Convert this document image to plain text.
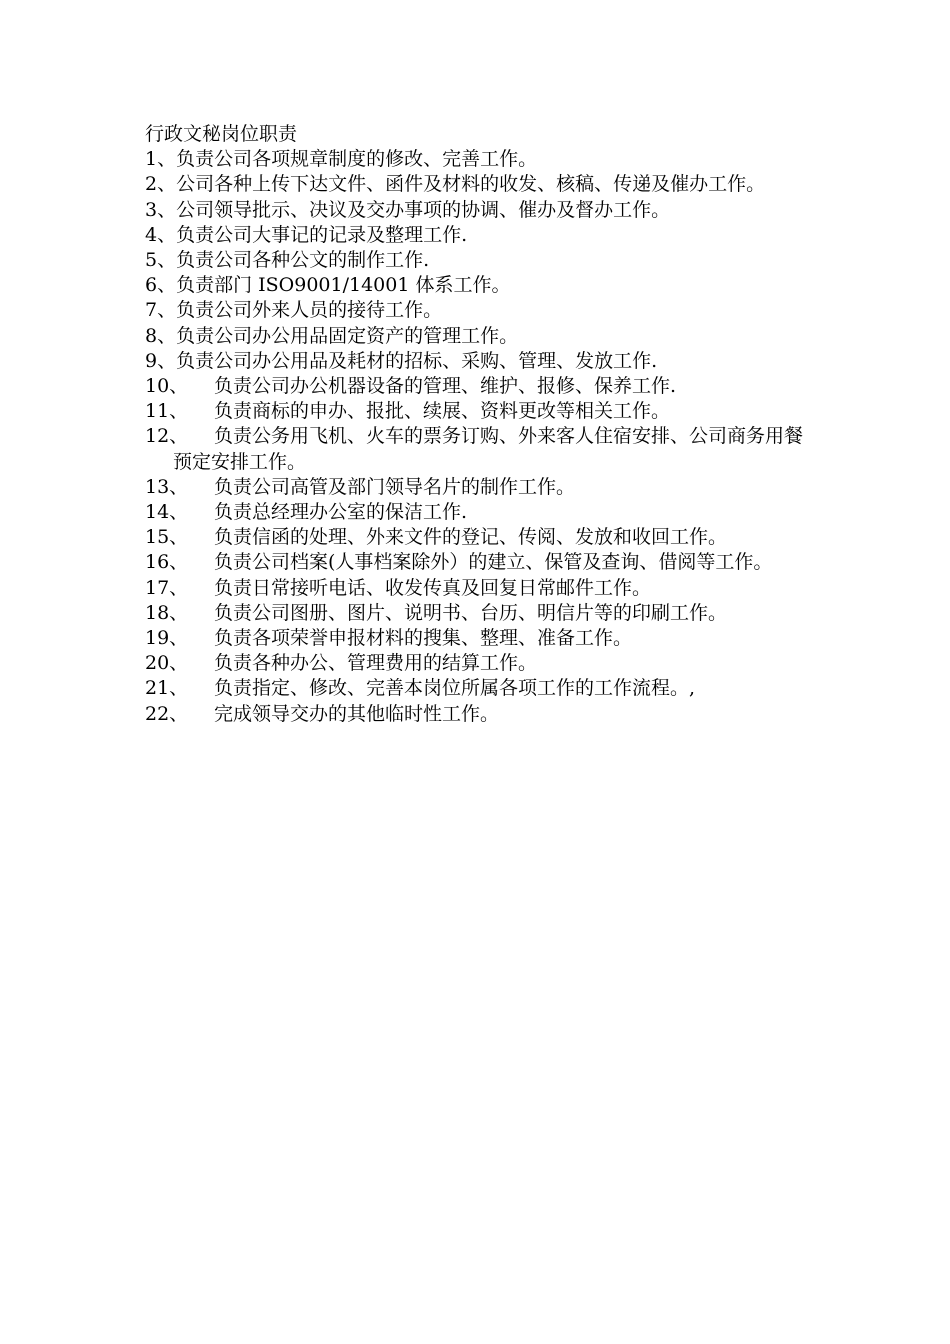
行政文秘岗位职责
1、负责公司各项规章制度的修改、完善工作。
2、公司各种上传下达文件、函件及材料的收发、核稿、传递及催办工作。
3、公司领导批示、决议及交办事项的协调、催办及督办工作。
4、负责公司大事记的记录及整理工作.
5、负责公司各种公文的制作工作.
6、负责部门 ISO9001/14001 体系工作。
7、负责公司外来人员的接待工作。
8、负责公司办公用品固定资产的管理工作。
9、负责公司办公用品及耗材的招标、采购、管理、发放工作.
10、 负责公司办公机器设备的管理、维护、报修、保养工作.
11、 负责商标的申办、报批、续展、资料更改等相关工作。
12、 负责公务用飞机、火车的票务订购、外来客人住宿安排、公司商务用餐预定安排工作。
13、 负责公司高管及部门领导名片的制作工作。
14、 负责总经理办公室的保洁工作.
15、 负责信函的处理、外来文件的登记、传阅、发放和收回工作。
16、 负责公司档案(人事档案除外）的建立、保管及查询、借阅等工作。
17、 负责日常接听电话、收发传真及回复日常邮件工作。
18、 负责公司图册、图片、说明书、台历、明信片等的印刷工作。
19、 负责各项荣誉申报材料的搜集、整理、准备工作。
20、 负责各种办公、管理费用的结算工作。
21、 负责指定、修改、完善本岗位所属各项工作的工作流程。,
22、 完成领导交办的其他临时性工作。
